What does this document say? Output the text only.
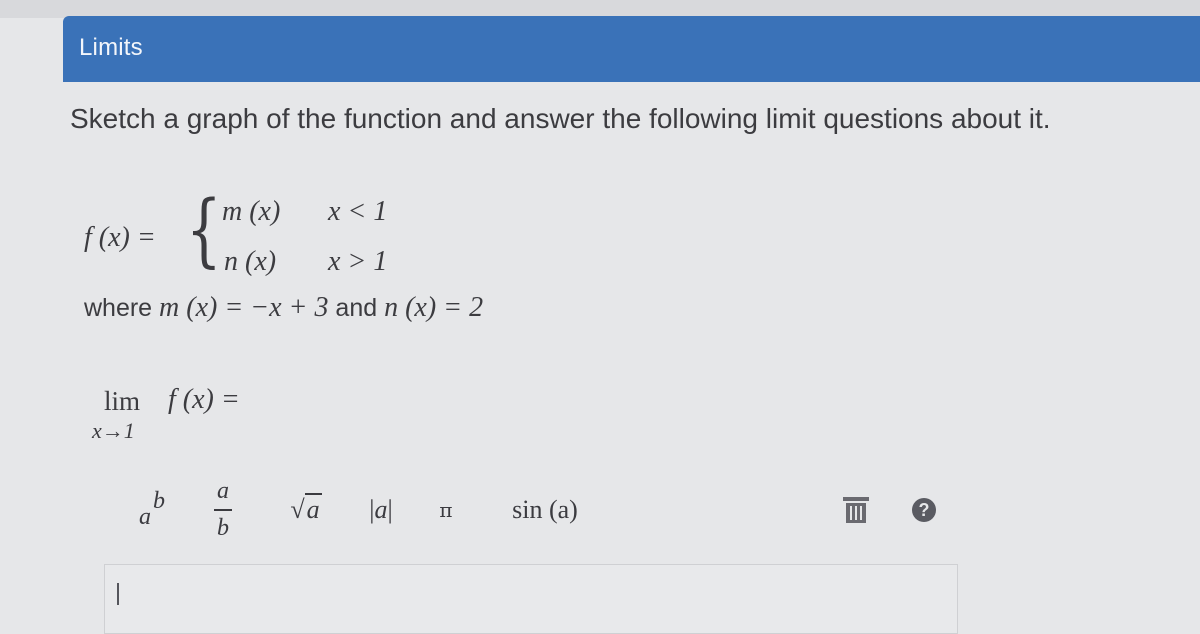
Limits
Sketch a graph of the function and answer the following limit questions about it.
f (x) = { m (x) x < 1
n (x) x > 1
where m (x) = −x + 3 and n (x) = 2
lim f (x) =
x→1
a
b $\frac{a}{b} √a$ |a| π sin (a)	?
